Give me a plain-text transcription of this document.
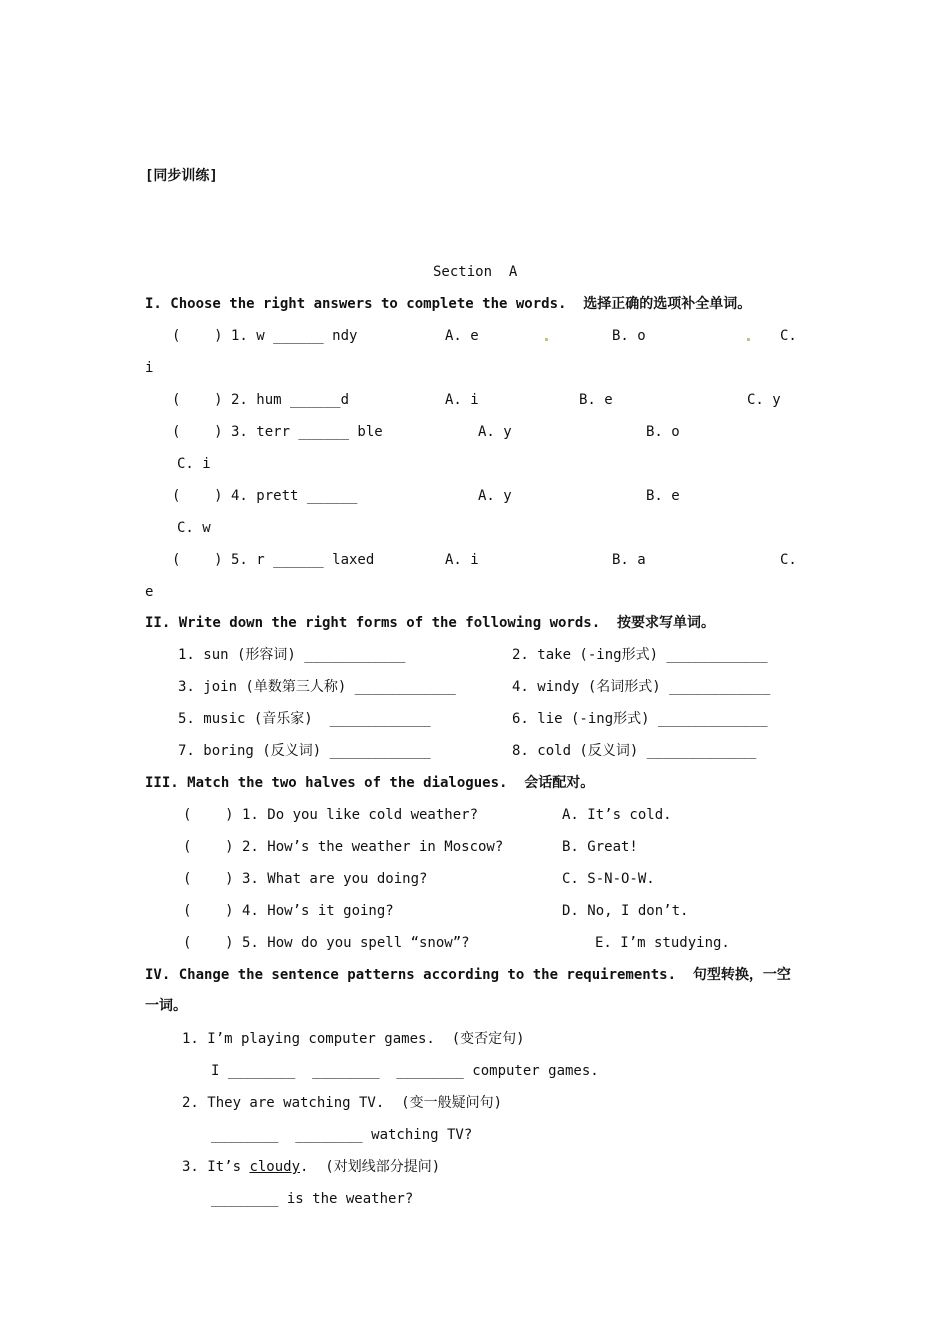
[同步训练]
Section  A
I. Choose the right answers to complete the words.  选择正确的选项补全单词。
(    ) 1. w ______ ndy	A. e	B. o	C.
i
(    ) 2. hum ______d	A. i	B. e	C. y
(    ) 3. terr ______ ble	A. y	B. o
C. i
(    ) 4. prett ______	A. y	B. e
C. w
(    ) 5. r ______ laxed	A. i	B. a	C.
e
II. Write down the right forms of the following words.  按要求写单词。
1. sun (形容词) ____________	2. take (-ing形式) ____________
3. join (单数第三人称) ____________	4. windy (名词形式) ____________
5. music (音乐家)  ____________	6. lie (-ing形式) _____________
7. boring (反义词) ____________	8. cold (反义词) _____________
III. Match the two halves of the dialogues.  会话配对。
(    ) 1. Do you like cold weather?	A. It’s cold.
(    ) 2. How’s the weather in Moscow?	B. Great!
(    ) 3. What are you doing?	C. S-N-O-W.
(    ) 4. How’s it going?	D. No, I don’t.
(    ) 5. How do you spell “snow”?	E. I’m studying.
IV. Change the sentence patterns according to the requirements.  句型转换，一空
一词。
1. I’m playing computer games.  (变否定句)
I ________  ________  ________ computer games.
2. They are watching TV.  (变一般疑问句)
________  ________ watching TV?
3. It’s cloudy.  (对划线部分提问)
________ is the weather?
